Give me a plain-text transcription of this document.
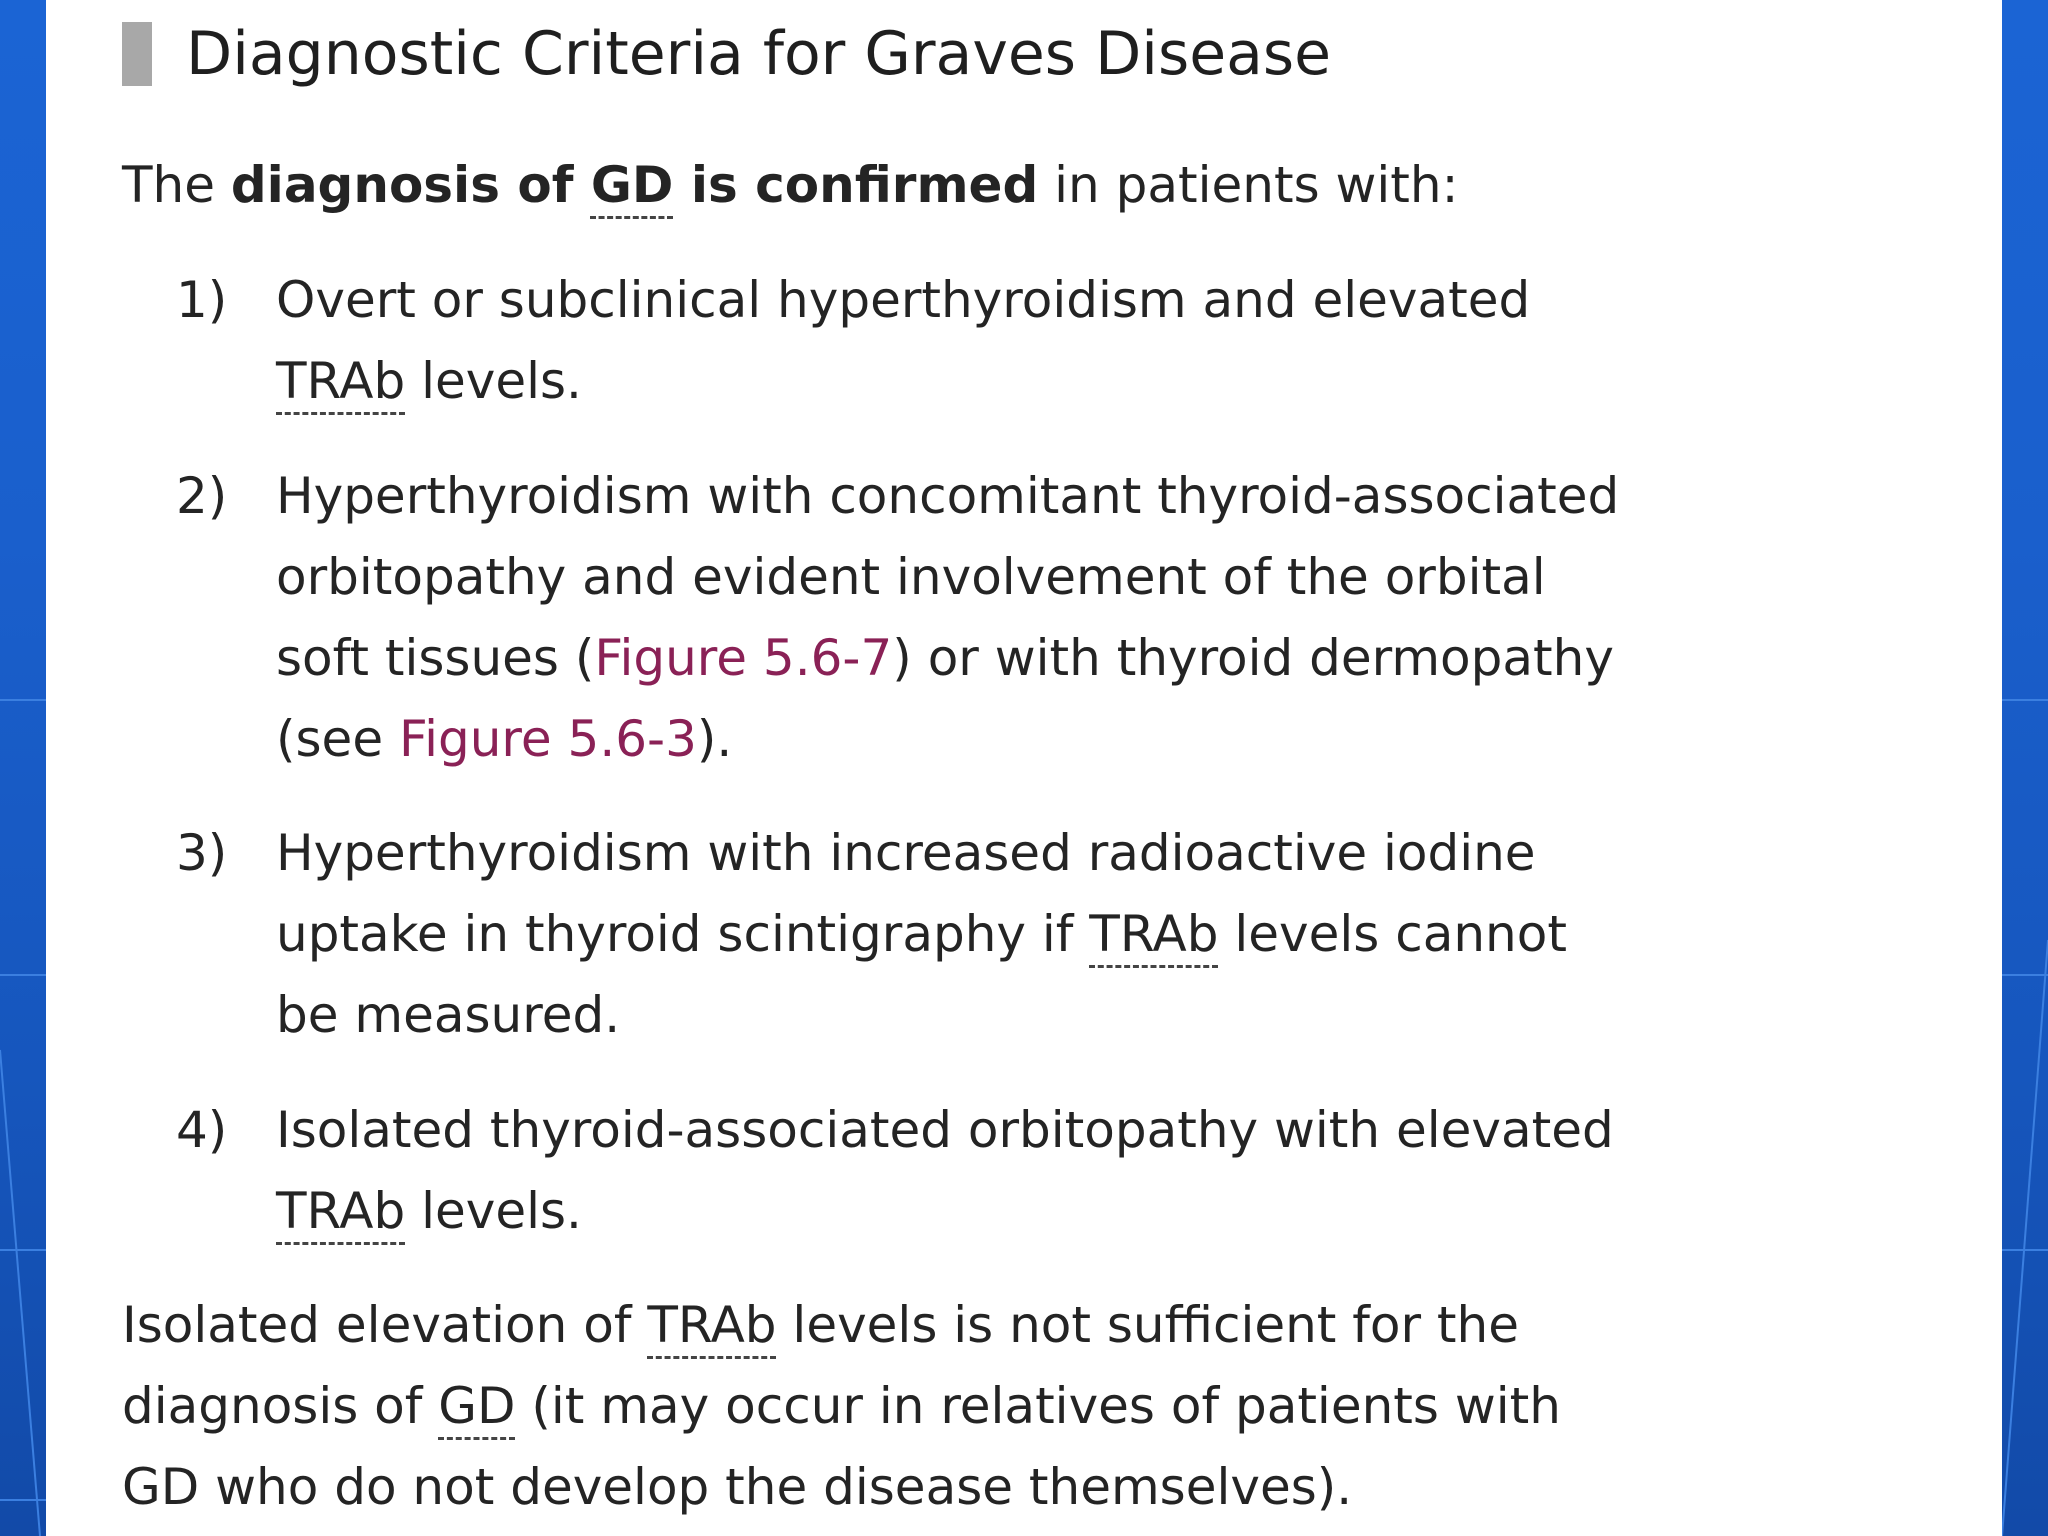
Diagnostic Criteria for Graves Disease

The diagnosis of GD is confirmed in patients with:

1) Overt or subclinical hyperthyroidism and elevated
TRAb levels.
2) Hyperthyroidism with concomitant thyroid-associated
orbitopathy and evident involvement of the orbital
soft tissues (Figure 5.6-7) or with thyroid dermopathy
(see Figure 5.6-3).
3) Hyperthyroidism with increased radioactive iodine
uptake in thyroid scintigraphy if TRAb levels cannot
be measured.
4) Isolated thyroid-associated orbitopathy with elevated
TRAb levels.
Isolated elevation of TRAb levels is not sufficient for the
diagnosis of GD (it may occur in relatives of patients with
GD who do not develop the disease themselves).
